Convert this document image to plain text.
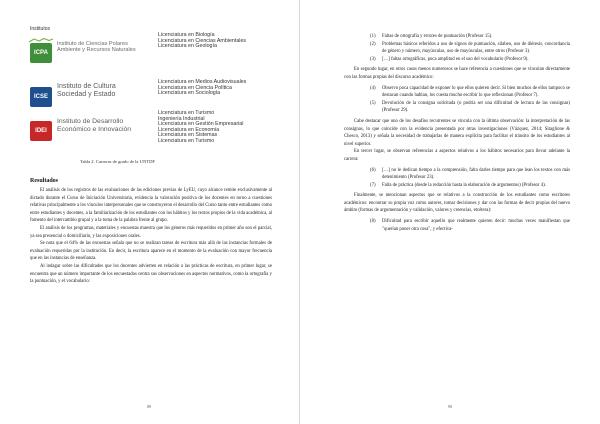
Institutos
ICPA
Instituto de Ciencias Polares Ambiente y Recursos Naturales
Licenciatura en Biología
Licenciatura en Ciencias Ambientales
Licenciatura en Geología
ICSE
Instituto de Cultura Sociedad y Estado
Licenciatura en Medios Audiovisuales
Licenciatura en Ciencia Política
Licenciatura en Sociología
IDEI
Instituto de Desarrollo Económico e Innovación
Licenciatura en Turismo
Ingeniería Industrial
Licenciatura en Gestión Empresarial
Licenciatura en Economía
Licenciatura en Sistemas
Licenciatura en Turismo
Tabla 2. Carreras de grado de la UNTDF
Resultados

El análisis de los registros de las evaluaciones de las ediciones previas de LyEU, cuyo alcance remite exclusivamente al dictado durante el Curso de Iniciación Universitaria, evidencia la valoración positiva de los docentes en torno a cuestiones relativas principalmente a los vínculos interpersonales que se construyeron el desarrollo del Curso tanto entre estudiantes como entre estudiantes y docentes, a la familiarización de los estudiantes con los hábitos y los textos propios de la vida académica, al fomento del intercambio grupal y a la toma de la palabra frente al grupo.

El análisis de los programas, materiales y encuestas muestra que los géneros más requeridos en primer año son el parcial, ya sea presencial o domiciliario, y las exposiciones orales.

Se nota que el 64% de las encuestas señala que no se realizan tareas de escritura más allá de las instancias formales de evaluación requeridas por la institución. En decir, la escritura aparece en el momento de la evaluación con mayor frecuencia que en las instancias de enseñanza.

Al indagar sobre las dificultades que los docentes advierten en relación a las prácticas de escritura, en primer lugar, se encuentra que un número importante de los encuestados centra sus observaciones en aspectos normativos, como la ortografía y la puntuación, y el vocabulario:

89
(1)	Faltas de ortografía y errores de puntuación (Profesor 15).
(2)	Problemas básicos referidos a uso de signos de puntuación, silabeo, uso de diéresis, concordancia de género y número, mayúsculas, uso de mayúsculas, entre otros (Profesor 3).
(3)	[…] faltas ortográficas, poca amplitud en el uso del vocabulario (Profesor 9).

En segundo lugar, en otros casos menos numerosos se hace referencia a cuestiones que se vinculan directamente con las formas propias del discurso académico:

(4)	Observo poca capacidad de exponer lo que ellos quieren decir. Si bien muchos de ellos tampoco se destacan cuando hablan, los cuesta mucho escribir lo que reflexionan (Profesor 7).
(5)	Devolución de la consigna solicitada (o podría ser una dificultad de lectura de las consignas) (Profesor 29).

Cabe destacar que uno de los desafíos recurrentes se vincula con la última observación: la interpretación de las consignas, lo que coincide con la evidencia presentada por otras investigaciones (Vázquez, 2014; Sitaglione & Chesco, 2013) y señala la necesidad de trabajarlas de manera explícita para facilitar el tránsito de los estudiantes al nivel superior.

En tercer lugar, se observan referencias a aspectos relativos a los hábitos necesarios para llevar adelante la carrera:

(6)	[…] no le dedican tiempo a la comprensión, falta darles tiempo para que lean los textos con más detenimiento (Profesor 23).
(7)	Falta de práctica (desde la redacción hasta la elaboración de argumentos) (Profesor 4).

Finalmente, se mencionan aspectos que se relativos a la construcción de los estudiantes como escritores académicos: encontrar su propia voz como autores, tomar decisiones y dar con las formas de decir propias del nuevo ámbito (formas de argumentación y validación, valores y creencias, etcétera):

(8)	Dificultad para escribir aquello que realmente quieren decir: muchas veces manifiestan que "querían poner otra cosa", y efectiva-
90
